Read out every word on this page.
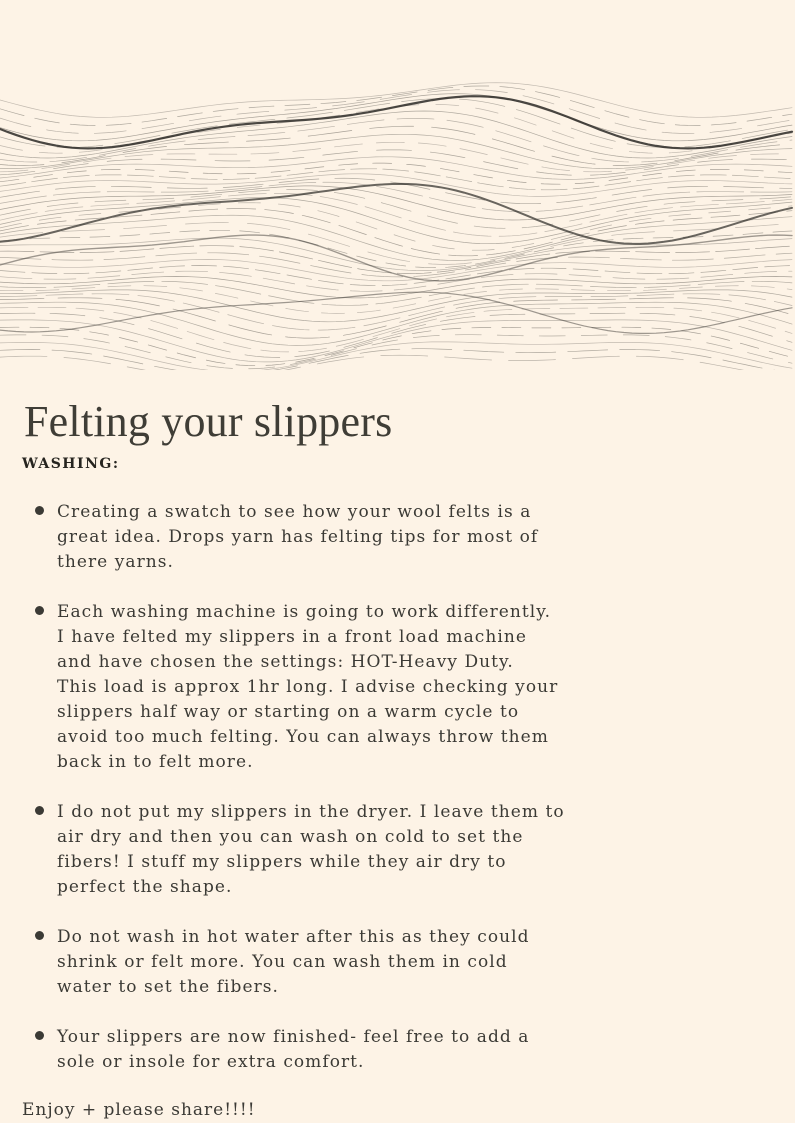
Felting your slippers
WASHING:
Creating a swatch to see how your wool felts is a
great idea. Drops yarn has felting tips for most of
there yarns.
Each washing machine is going to work differently.
I have felted my slippers in a front load machine
and have chosen the settings: HOT-Heavy Duty.
This load is approx 1hr long. I advise checking your
slippers half way or starting on a warm cycle to
avoid too much felting. You can always throw them
back in to felt more.
I do not put my slippers in the dryer. I leave them to
air dry and then you can wash on cold to set the
fibers! I stuff my slippers while they air dry to
perfect the shape.
Do not wash in hot water after this as they could
shrink or felt more. You can wash them in cold
water to set the fibers.
Your slippers are now finished- feel free to add a
sole or insole for extra comfort.
Enjoy + please share!!!!
